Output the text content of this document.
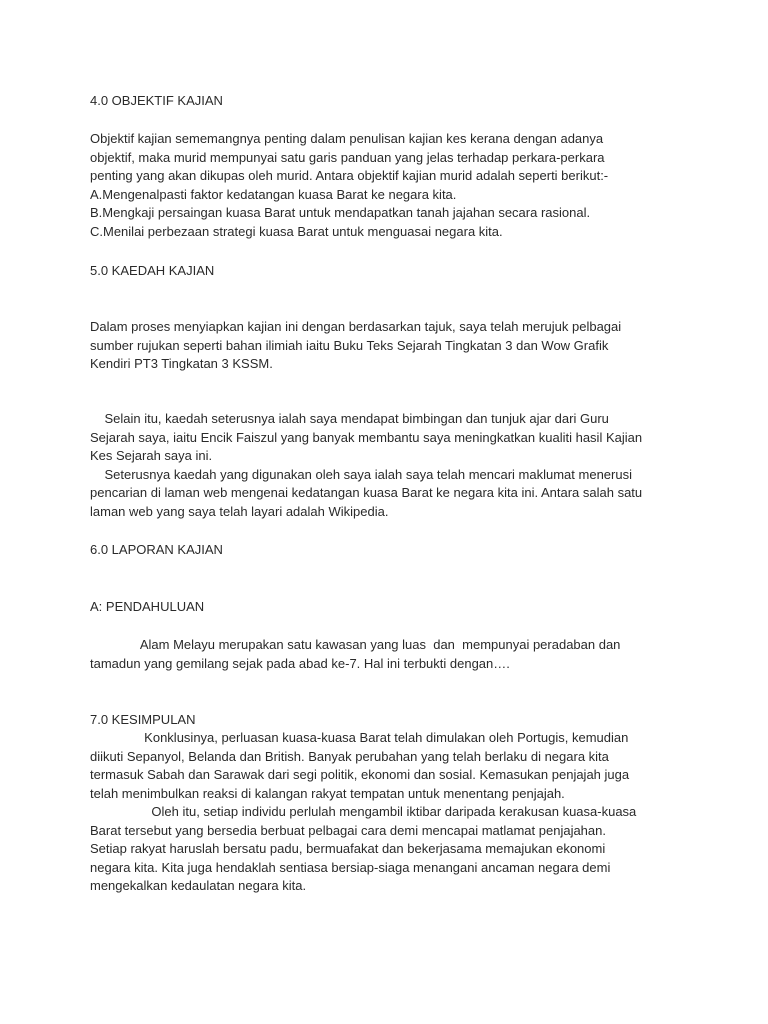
4.0 OBJEKTIF KAJIAN
Objektif kajian sememangnya penting dalam penulisan kajian kes kerana dengan adanya
objektif, maka murid mempunyai satu garis panduan yang jelas terhadap perkara-perkara
penting yang akan dikupas oleh murid. Antara objektif kajian murid adalah seperti berikut:-
A.Mengenalpasti faktor kedatangan kuasa Barat ke negara kita.
B.Mengkaji persaingan kuasa Barat untuk mendapatkan tanah jajahan secara rasional.
C.Menilai perbezaan strategi kuasa Barat untuk menguasai negara kita.
5.0 KAEDAH KAJIAN
Dalam proses menyiapkan kajian ini dengan berdasarkan tajuk, saya telah merujuk pelbagai
sumber rujukan seperti bahan ilimiah iaitu Buku Teks Sejarah Tingkatan 3 dan Wow Grafik
Kendiri PT3 Tingkatan 3 KSSM.
Selain itu, kaedah seterusnya ialah saya mendapat bimbingan dan tunjuk ajar dari Guru
Sejarah saya, iaitu Encik Faiszul yang banyak membantu saya meningkatkan kualiti hasil Kajian
Kes Sejarah saya ini.
Seterusnya kaedah yang digunakan oleh saya ialah saya telah mencari maklumat menerusi
pencarian di laman web mengenai kedatangan kuasa Barat ke negara kita ini. Antara salah satu
laman web yang saya telah layari adalah Wikipedia.
6.0 LAPORAN KAJIAN
A: PENDAHULUAN
Alam Melayu merupakan satu kawasan yang luas  dan  mempunyai peradaban dan
tamadun yang gemilang sejak pada abad ke-7. Hal ini terbukti dengan….
7.0 KESIMPULAN
Konklusinya, perluasan kuasa-kuasa Barat telah dimulakan oleh Portugis, kemudian
diikuti Sepanyol, Belanda dan British. Banyak perubahan yang telah berlaku di negara kita
termasuk Sabah dan Sarawak dari segi politik, ekonomi dan sosial. Kemasukan penjajah juga
telah menimbulkan reaksi di kalangan rakyat tempatan untuk menentang penjajah.
Oleh itu, setiap individu perlulah mengambil iktibar daripada kerakusan kuasa-kuasa
Barat tersebut yang bersedia berbuat pelbagai cara demi mencapai matlamat penjajahan.
Setiap rakyat haruslah bersatu padu, bermuafakat dan bekerjasama memajukan ekonomi
negara kita. Kita juga hendaklah sentiasa bersiap-siaga menangani ancaman negara demi
mengekalkan kedaulatan negara kita.
